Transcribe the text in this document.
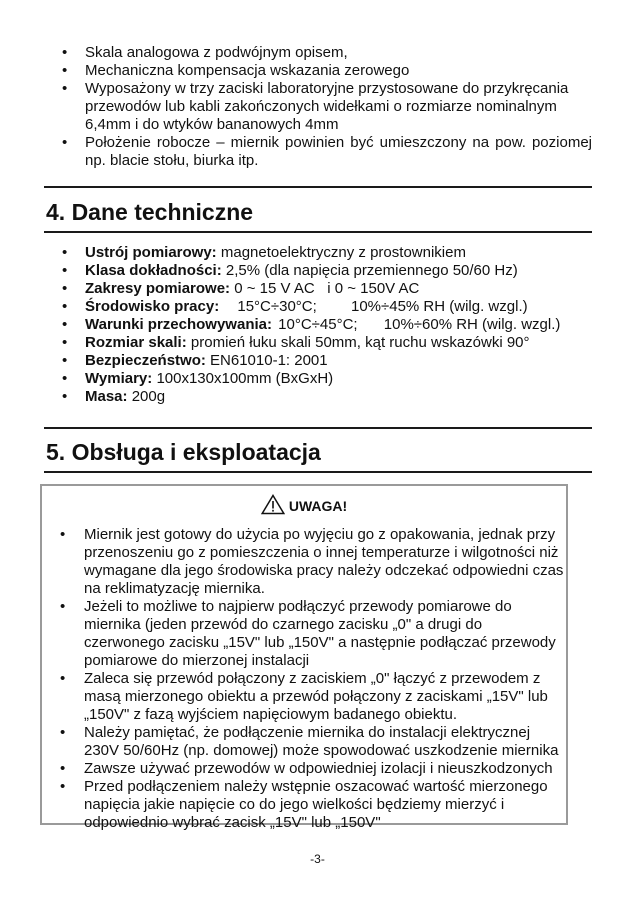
• Skala analogowa z podwójnym opisem,
• Mechaniczna kompensacja wskazania zerowego
• Wyposażony w trzy zaciski laboratoryjne przystosowane do przykręcania przewodów lub kabli zakończonych widełkami o rozmiarze nominalnym 6,4mm i do wtyków bananowych 4mm
• Położenie robocze – miernik powinien być umieszczony na pow. poziomej np. blacie stołu, biurka itp.
4. Dane techniczne
• Ustrój pomiarowy: magnetoelektryczny z prostownikiem
• Klasa dokładności: 2,5% (dla napięcia przemiennego 50/60 Hz)
• Zakresy pomiarowe: 0 ~ 15 V AC   i 0 ~ 150V AC
• Środowisko pracy: 15°C÷30°C; 10%÷45% RH (wilg. wzgl.)
• Warunki przechowywania: 10°C÷45°C; 10%÷60% RH (wilg. wzgl.)
• Rozmiar skali: promień łuku skali 50mm, kąt ruchu wskazówki 90°
• Bezpieczeństwo: EN61010-1: 2001
• Wymiary: 100x130x100mm (BxGxH)
• Masa: 200g
5. Obsługa i eksploatacja
UWAGA!
• Miernik jest gotowy do użycia po wyjęciu go z opakowania, jednak przy przenoszeniu go z pomieszczenia o innej temperaturze i wilgotności niż wymagane dla jego środowiska pracy należy odczekać odpowiedni czas na reklimatyzację miernika.
• Jeżeli to możliwe to najpierw podłączyć przewody pomiarowe do miernika (jeden przewód do czarnego zacisku „0" a drugi do czerwonego zacisku „15V" lub „150V" a następnie podłączać przewody pomiarowe do mierzonej instalacji
• Zaleca się przewód połączony z zaciskiem „0" łączyć z przewodem z masą mierzonego obiektu a przewód połączony z zaciskami „15V" lub „150V" z fazą wyjściem napięciowym badanego obiektu.
• Należy pamiętać, że podłączenie miernika do instalacji elektrycznej 230V 50/60Hz (np. domowej) może spowodować uszkodzenie miernika
• Zawsze używać przewodów w odpowiedniej izolacji i nieuszkodzonych
• Przed podłączeniem należy wstępnie oszacować wartość mierzonego napięcia jakie napięcie co do jego wielkości będziemy mierzyć i odpowiednio wybrać zacisk „15V" lub „150V"
-3-
